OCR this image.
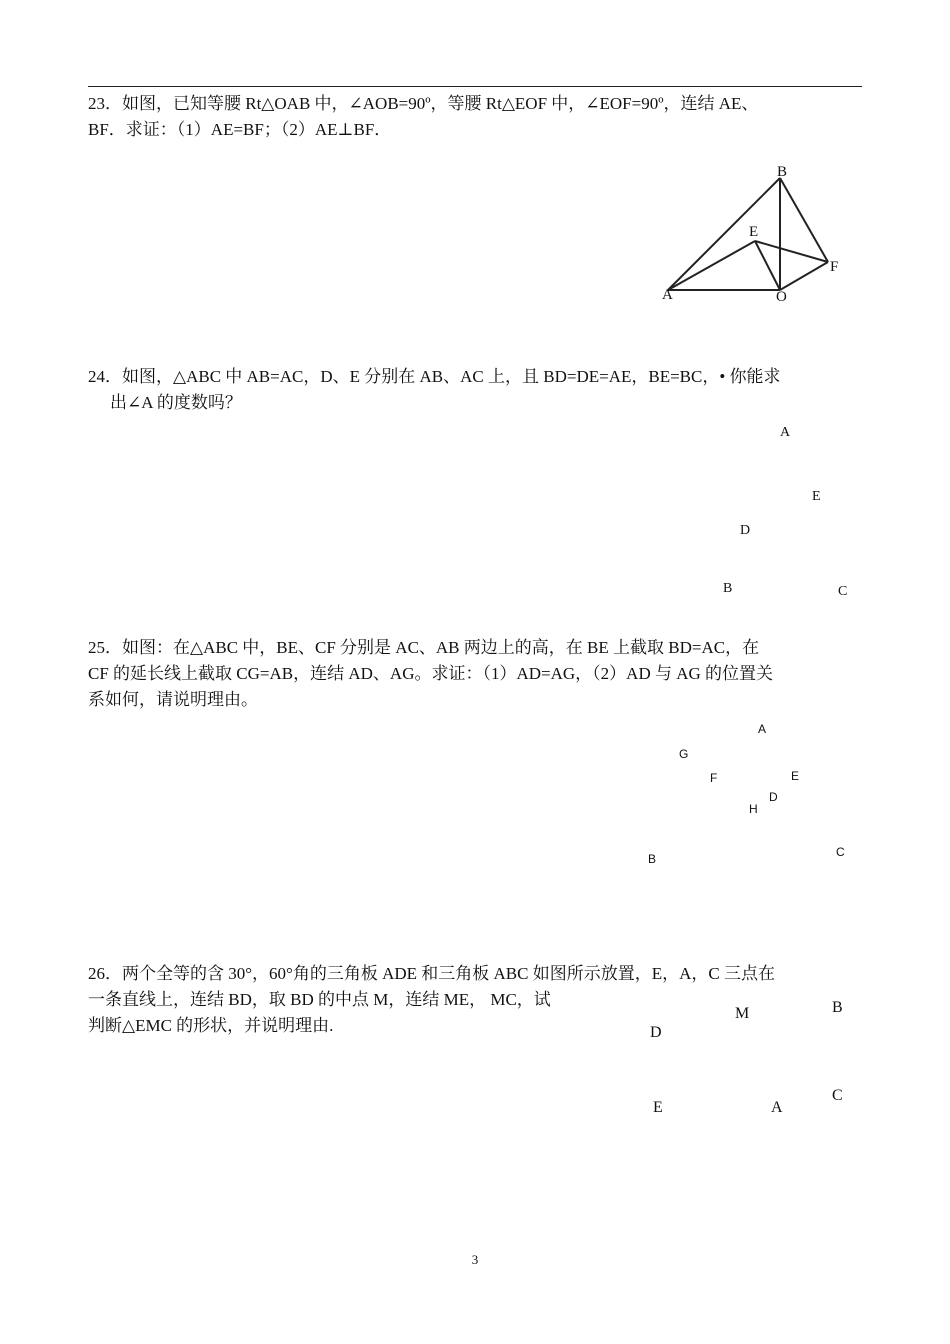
23．如图，已知等腰 Rt△OAB 中，∠AOB=90º，等腰 Rt△EOF 中，∠EOF=90º，连结 AE、

BF．求证：（1）AE=BF；（2）AE⊥BF．

B
E
F
A	O

24．如图，△ABC 中 AB=AC，D、E 分别在 AB、AC 上，且 BD=DE=AE，BE=BC，• 你能求

出∠A 的度数吗？

A
E
D
B	C

25．如图：在△ABC 中，BE、CF 分别是 AC、AB 两边上的高，在 BE 上截取 BD=AC，在

CF 的延长线上截取 CG=AB，连结 AD、AG。求证：（1）AD=AG，（2）AD 与 AG 的位置关

系如何，请说明理由。

A
G
F	E
D
H
B	C

26．两个全等的含 30°，60°角的三角板 ADE 和三角板 ABC 如图所示放置，E，A，C 三点在

一条直线上，连结 BD，取 BD 的中点 M，连结 ME， MC，试

判断△EMC 的形状，并说明理由.

M	B
D
E	A
C
3
